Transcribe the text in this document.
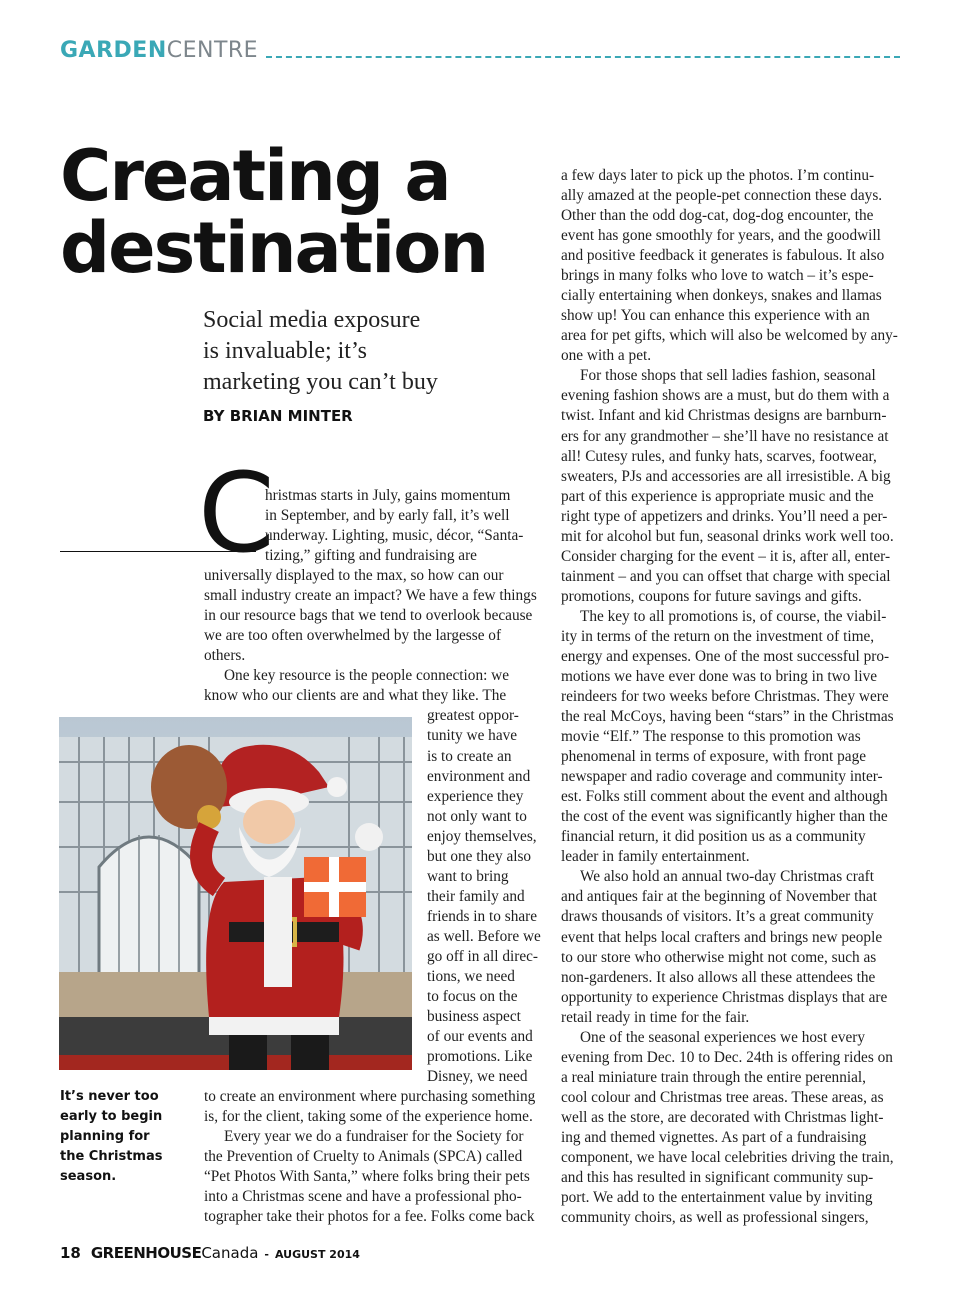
GARDEN CENTRE
Creating a
destination

Social media exposure
is invaluable; it’s
marketing you can’t buy

BY BRIAN MINTER
C
hristmas starts in July, gains momentum
in September, and by early fall, it’s well
underway. Lighting, music, décor, “Santa-
tizing,” gifting and fundraising are
universally displayed to the max, so how can our
small industry create an impact? We have a few things
in our resource bags that we tend to overlook because
we are too often overwhelmed by the largesse of
others.
One key resource is the people connection: we
know who our clients are and what they like. The
greatest oppor-
tunity we have
is to create an
environment and
experience they
not only want to
enjoy themselves,
but one they also
want to bring
their family and
friends in to share
as well. Before we
go off in all direc-
tions, we need
to focus on the
business aspect
of our events and
promotions. Like
Disney, we need
to create an environment where purchasing something
is, for the client, taking some of the experience home.
Every year we do a fundraiser for the Society for
the Prevention of Cruelty to Animals (SPCA) called
“Pet Photos With Santa,” where folks bring their pets
into a Christmas scene and have a professional pho-
tographer take their photos for a fee. Folks come back
a few days later to pick up the photos. I’m continu-
ally amazed at the people-pet connection these days.
Other than the odd dog-cat, dog-dog encounter, the
event has gone smoothly for years, and the goodwill
and positive feedback it generates is fabulous. It also
brings in many folks who love to watch – it’s espe-
cially entertaining when donkeys, snakes and llamas
show up! You can enhance this experience with an
area for pet gifts, which will also be welcomed by any-
one with a pet.
For those shops that sell ladies fashion, seasonal
evening fashion shows are a must, but do them with a
twist. Infant and kid Christmas designs are barnburn-
ers for any grandmother – she’ll have no resistance at
all! Cutesy rules, and funky hats, scarves, footwear,
sweaters, PJs and accessories are all irresistible. A big
part of this experience is appropriate music and the
right type of appetizers and drinks. You’ll need a per-
mit for alcohol but fun, seasonal drinks work well too.
Consider charging for the event – it is, after all, enter-
tainment – and you can offset that charge with special
promotions, coupons for future savings and gifts.
The key to all promotions is, of course, the viabil-
ity in terms of the return on the investment of time,
energy and expenses. One of the most successful pro-
motions we have ever done was to bring in two live
reindeers for two weeks before Christmas. They were
the real McCoys, having been “stars” in the Christmas
movie “Elf.” The response to this promotion was
phenomenal in terms of exposure, with front page
newspaper and radio coverage and community inter-
est. Folks still comment about the event and although
the cost of the event was significantly higher than the
financial return, it did position us as a community
leader in family entertainment.
We also hold an annual two-day Christmas craft
and antiques fair at the beginning of November that
draws thousands of visitors. It’s a great community
event that helps local crafters and brings new people
to our store who otherwise might not come, such as
non-gardeners. It also allows all these attendees the
opportunity to experience Christmas displays that are
retail ready in time for the fair.
One of the seasonal experiences we host every
evening from Dec. 10 to Dec. 24th is offering rides on
a real miniature train through the entire perennial,
cool colour and Christmas tree areas. These areas, as
well as the store, are decorated with Christmas light-
ing and themed vignettes. As part of a fundraising
component, we have local celebrities driving the train,
and this has resulted in significant community sup-
port. We add to the entertainment value by inviting
community choirs, as well as professional singers,

It’s never too
early to begin
planning for
the Christmas
season.

18 GREENHOUSE Canada - AUGUST 2014
